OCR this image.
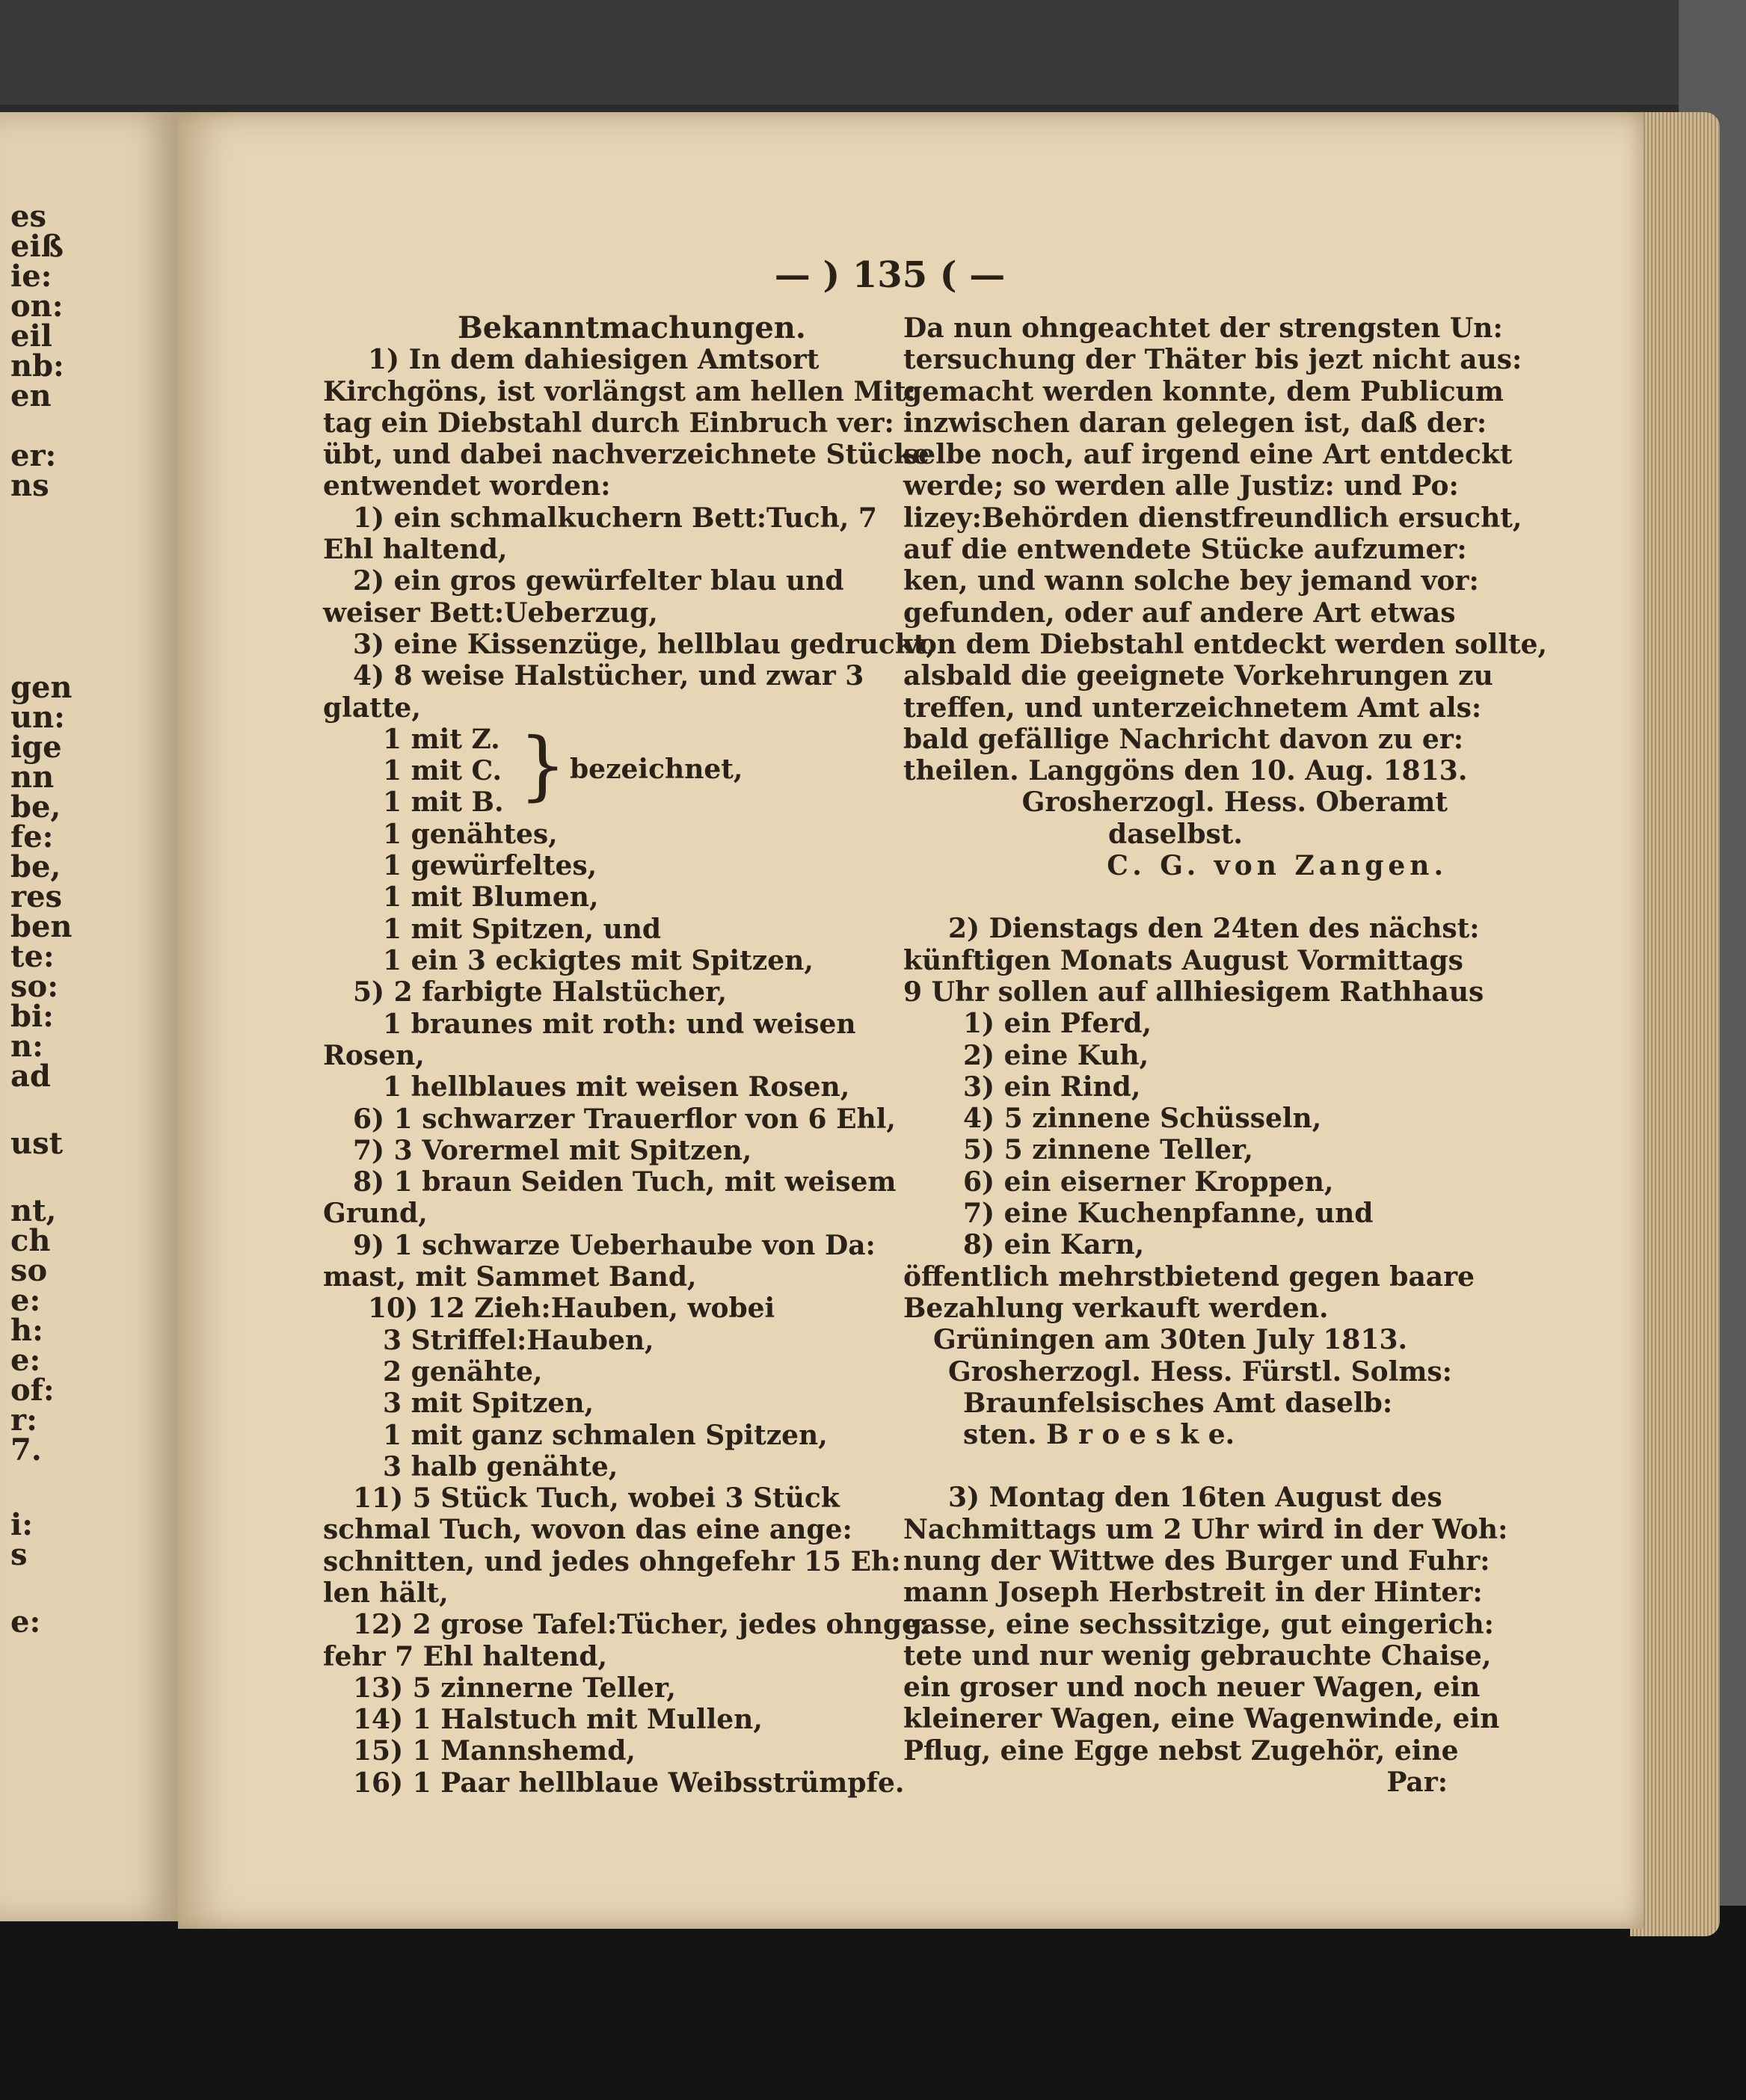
es
eiß
ie:
on:
eil
nb:
en
er:
ns
gen
un:
ige
nn
be,
fe:
be,
res
ben
te:
so:
bi:
n:
ad
ust
nt,
ch
so
e:
h:
e:
of:
r:
7.
i:
s
e:
— ) 135 ( —
Bekanntmachungen.
1) In dem dahiesigen Amtsort
Kirchgöns, ist vorlängst am hellen Mit:
tag ein Diebstahl durch Einbruch ver:
übt, und dabei nachverzeichnete Stücke
entwendet worden:
1) ein schmalkuchern Bett:Tuch, 7
Ehl haltend,
2) ein gros gewürfelter blau und
weiser Bett:Ueberzug,
3) eine Kissenzüge, hellblau gedruckt,
4) 8 weise Halstücher, und zwar 3
glatte,
1 mit Z.
1 mit C.
1 mit B. } bezeichnet,
1 genähtes,
1 gewürfeltes,
1 mit Blumen,
1 mit Spitzen, und
1 ein 3 eckigtes mit Spitzen,
5) 2 farbigte Halstücher,
1 braunes mit roth: und weisen
Rosen,
1 hellblaues mit weisen Rosen,
6) 1 schwarzer Trauerflor von 6 Ehl,
7) 3 Vorermel mit Spitzen,
8) 1 braun Seiden Tuch, mit weisem
Grund,
9) 1 schwarze Ueberhaube von Da:
mast, mit Sammet Band,
10) 12 Zieh:Hauben, wobei
3 Striffel:Hauben,
2 genähte,
3 mit Spitzen,
1 mit ganz schmalen Spitzen,
3 halb genähte,
11) 5 Stück Tuch, wobei 3 Stück
schmal Tuch, wovon das eine ange:
schnitten, und jedes ohngefehr 15 Eh:
len hält,
12) 2 grose Tafel:Tücher, jedes ohnge:
fehr 7 Ehl haltend,
13) 5 zinnerne Teller,
14) 1 Halstuch mit Mullen,
15) 1 Mannshemd,
16) 1 Paar hellblaue Weibsstrümpfe.
Da nun ohngeachtet der strengsten Un:
tersuchung der Thäter bis jezt nicht aus:
gemacht werden konnte, dem Publicum
inzwischen daran gelegen ist, daß der:
selbe noch, auf irgend eine Art entdeckt
werde; so werden alle Justiz: und Po:
lizey:Behörden dienstfreundlich ersucht,
auf die entwendete Stücke aufzumer:
ken, und wann solche bey jemand vor:
gefunden, oder auf andere Art etwas
von dem Diebstahl entdeckt werden sollte,
alsbald die geeignete Vorkehrungen zu
treffen, und unterzeichnetem Amt als:
bald gefällige Nachricht davon zu er:
theilen. Langgöns den 10. Aug. 1813.
Grosherzogl. Hess. Oberamt
daselbst.
C. G. von Zangen.
2) Dienstags den 24ten des nächst:
künftigen Monats August Vormittags
9 Uhr sollen auf allhiesigem Rathhaus
1) ein Pferd,
2) eine Kuh,
3) ein Rind,
4) 5 zinnene Schüsseln,
5) 5 zinnene Teller,
6) ein eiserner Kroppen,
7) eine Kuchenpfanne, und
8) ein Karn,
öffentlich mehrstbietend gegen baare
Bezahlung verkauft werden.
Grüningen am 30ten July 1813.
Grosherzogl. Hess. Fürstl. Solms:
Braunfelsisches Amt daselb:
sten. B r o e s k e.
3) Montag den 16ten August des
Nachmittags um 2 Uhr wird in der Woh:
nung der Wittwe des Burger und Fuhr:
mann Joseph Herbstreit in der Hinter:
gasse, eine sechssitzige, gut eingerich:
tete und nur wenig gebrauchte Chaise,
ein groser und noch neuer Wagen, ein
kleinerer Wagen, eine Wagenwinde, ein
Pflug, eine Egge nebst Zugehör, eine
Par:
